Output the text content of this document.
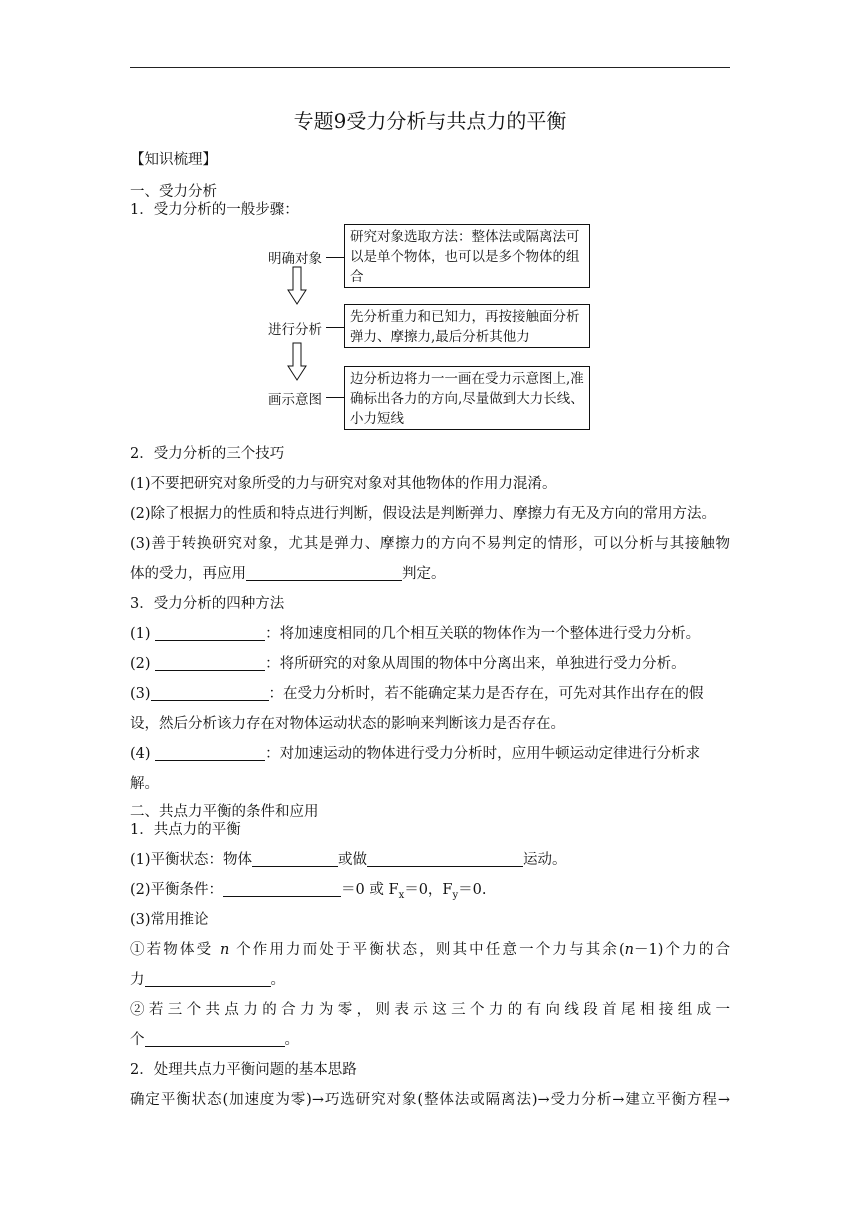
专题9受力分析与共点力的平衡
【知识梳理】
一、受力分析
1．受力分析的一般步骤：
明确对象
研究对象选取方法：整体法或隔离法可以是单个物体，也可以是多个物体的组合
进行分析
先分析重力和已知力，再按接触面分析弹力、摩擦力,最后分析其他力
画示意图
边分析边将力一一画在受力示意图上,准确标出各力的方向,尽量做到大力长线、小力短线
2．受力分析的三个技巧
(1)不要把研究对象所受的力与研究对象对其他物体的作用力混淆。
(2)除了根据力的性质和特点进行判断，假设法是判断弹力、摩擦力有无及方向的常用方法。
(3)善于转换研究对象，尤其是弹力、摩擦力的方向不易判定的情形，可以分析与其接触物
体的受力，再应用	判定。
3．受力分析的四种方法
(1)	：将加速度相同的几个相互关联的物体作为一个整体进行受力分析。
(2)	：将所研究的对象从周围的物体中分离出来，单独进行受力分析。
(3)	：在受力分析时，若不能确定某力是否存在，可先对其作出存在的假
设，然后分析该力存在对物体运动状态的影响来判断该力是否存在。
(4)	：对加速运动的物体进行受力分析时，应用牛顿运动定律进行分析求
解。
二、共点力平衡的条件和应用
1．共点力的平衡
(1)平衡状态：物体	或做	运动。
(2)平衡条件：	＝0 或 $F_x=0$，$F_y=0$.
(3)常用推论
①若物体受 n 个作用力而处于平衡状态，则其中任意一个力与其余(n－1)个力的合
力	。
②若三个共点力的合力为零，则表示这三个力的有向线段首尾相接组成一
个	。
2．处理共点力平衡问题的基本思路
确定平衡状态(加速度为零)→巧选研究对象(整体法或隔离法)→受力分析→建立平衡方程→
